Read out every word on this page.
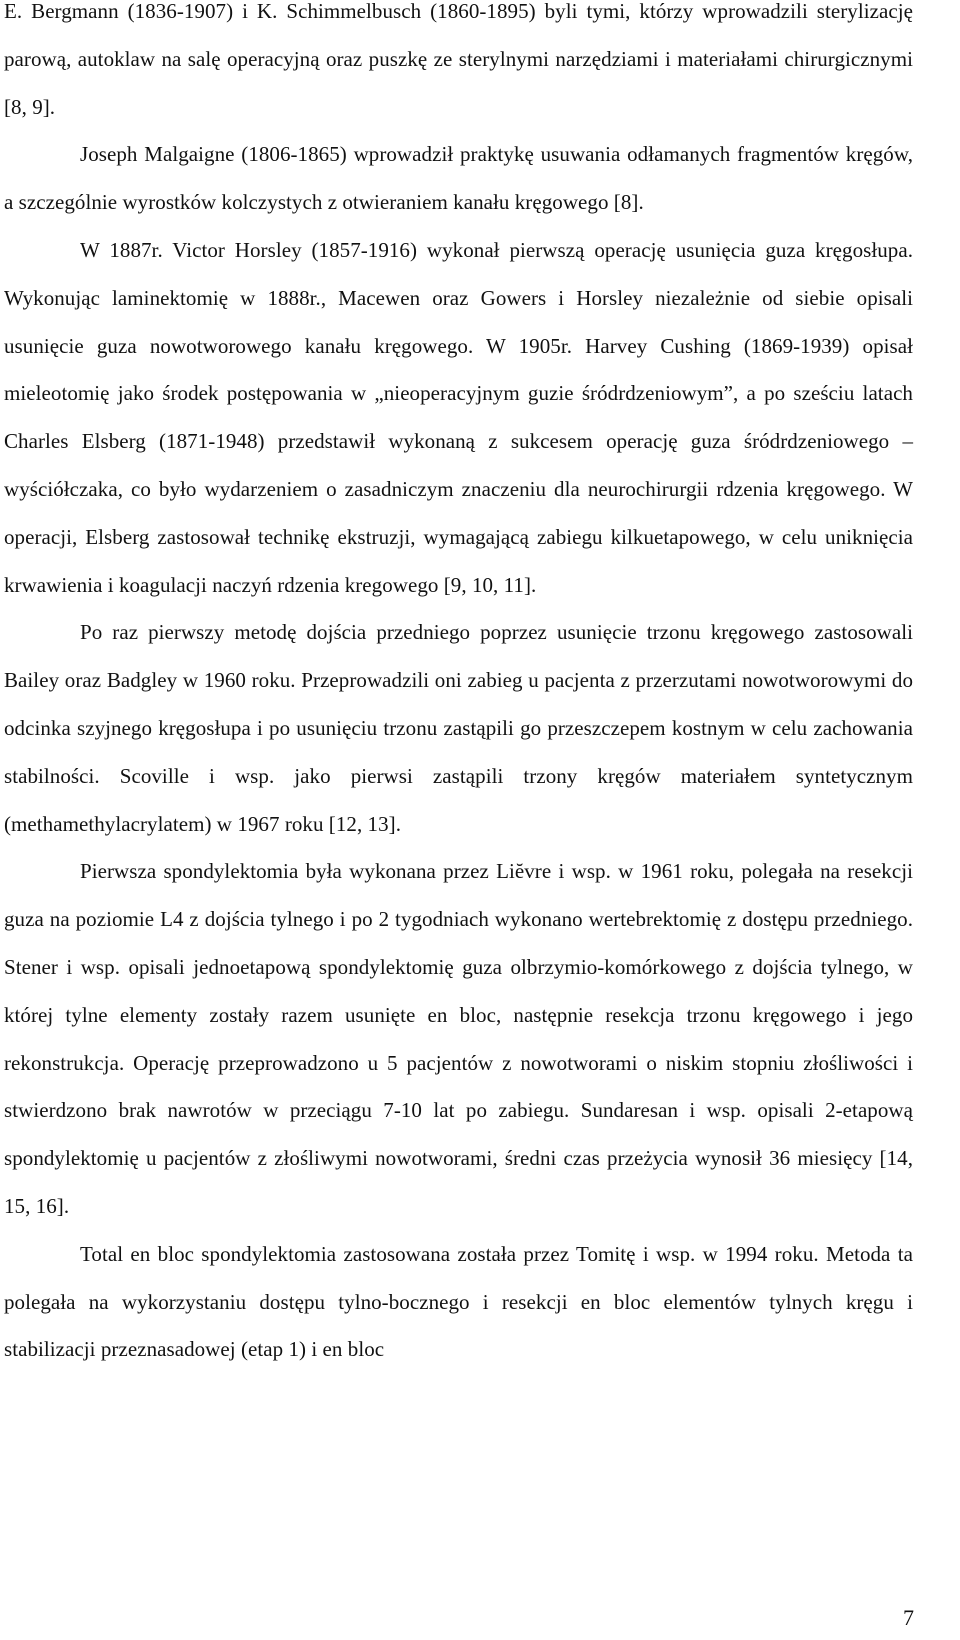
E. Bergmann (1836-1907) i K. Schimmelbusch (1860-1895) byli tymi, którzy wprowadzili sterylizację parową, autoklaw na salę operacyjną oraz puszkę ze sterylnymi narzędziami i materiałami chirurgicznymi [8, 9].

Joseph Malgaigne (1806-1865) wprowadził praktykę usuwania odłamanych fragmentów kręgów, a szczególnie wyrostków kolczystych z otwieraniem kanału kręgowego [8].

W 1887r. Victor Horsley (1857-1916) wykonał pierwszą operację usunięcia guza kręgosłupa. Wykonując laminektomię w 1888r., Macewen oraz Gowers i Horsley niezależnie od siebie opisali usunięcie guza nowotworowego kanału kręgowego. W 1905r. Harvey Cushing (1869-1939) opisał mieleotomię jako środek postępowania w „nieoperacyjnym guzie śródrdzeniowym”, a po sześciu latach Charles Elsberg (1871-1948) przedstawił wykonaną z sukcesem operację guza śródrdzeniowego – wyściółczaka, co było wydarzeniem o zasadniczym znaczeniu dla neurochirurgii rdzenia kręgowego. W operacji, Elsberg zastosował technikę ekstruzji, wymagającą zabiegu kilkuetapowego, w celu uniknięcia krwawienia i koagulacji naczyń rdzenia kregowego [9, 10, 11].

Po raz pierwszy metodę dojścia przedniego poprzez usunięcie trzonu kręgowego zastosowali Bailey oraz Badgley w 1960 roku. Przeprowadzili oni zabieg u pacjenta z przerzutami nowotworowymi do odcinka szyjnego kręgosłupa i po usunięciu trzonu zastąpili go przeszczepem kostnym w celu zachowania stabilności. Scoville i wsp. jako pierwsi zastąpili trzony kręgów materiałem syntetycznym (methamethylacrylatem) w 1967 roku [12, 13].

Pierwsza spondylektomia była wykonana przez Liĕvre i wsp. w 1961 roku, polegała na resekcji guza na poziomie L4 z dojścia tylnego i po 2 tygodniach wykonano wertebrektomię z dostępu przedniego. Stener i wsp. opisali jednoetapową spondylektomię guza olbrzymio-komórkowego z dojścia tylnego, w której tylne elementy zostały razem usunięte en bloc, następnie resekcja trzonu kręgowego i jego rekonstrukcja. Operację przeprowadzono u 5 pacjentów z nowotworami o niskim stopniu złośliwości i stwierdzono brak nawrotów w przeciągu 7-10 lat po zabiegu. Sundaresan i wsp. opisali 2-etapową spondylektomię u pacjentów z złośliwymi nowotworami, średni czas przeżycia wynosił 36 miesięcy [14, 15, 16].

Total en bloc spondylektomia zastosowana została przez Tomitę i wsp. w 1994 roku. Metoda ta polegała na wykorzystaniu dostępu tylno-bocznego i resekcji en bloc elementów tylnych kręgu i stabilizacji przeznasadowej (etap 1) i en bloc

7
